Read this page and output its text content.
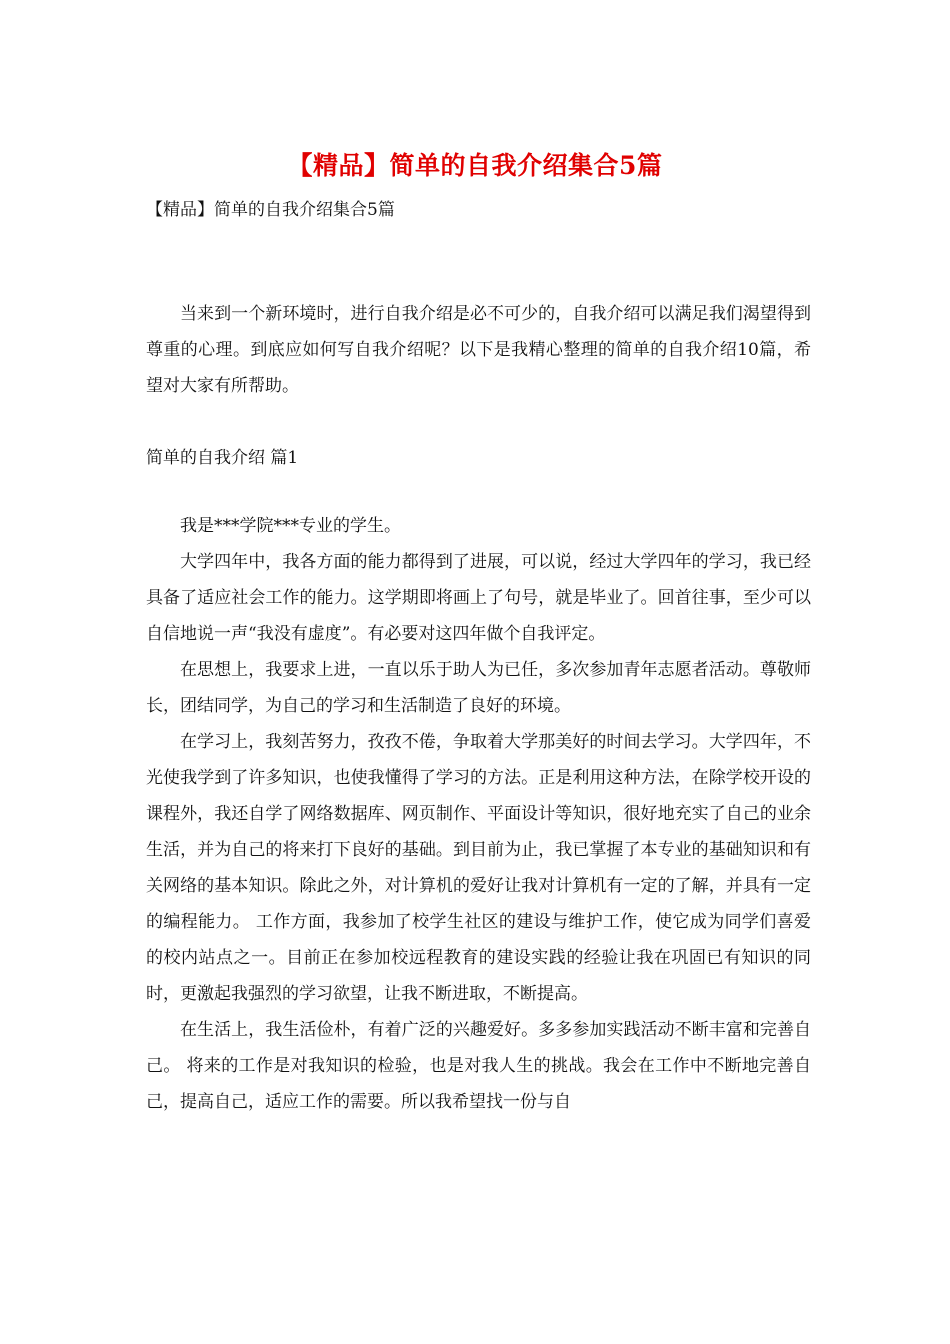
【精品】简单的自我介绍集合5篇
【精品】简单的自我介绍集合5篇

当来到一个新环境时，进行自我介绍是必不可少的，自我介绍可以满足我们渴望得到尊重的心理。到底应如何写自我介绍呢？以下是我精心整理的简单的自我介绍10篇，希望对大家有所帮助。

简单的自我介绍 篇1

我是***学院***专业的学生。

大学四年中，我各方面的能力都得到了进展，可以说，经过大学四年的学习，我已经具备了适应社会工作的能力。这学期即将画上了句号，就是毕业了。回首往事，至少可以自信地说一声“我没有虚度”。有必要对这四年做个自我评定。

在思想上，我要求上进，一直以乐于助人为已任，多次参加青年志愿者活动。尊敬师长，团结同学，为自己的学习和生活制造了良好的环境。

在学习上，我刻苦努力，孜孜不倦，争取着大学那美好的时间去学习。大学四年，不光使我学到了许多知识，也使我懂得了学习的方法。正是利用这种方法，在除学校开设的课程外，我还自学了网络数据库、网页制作、平面设计等知识，很好地充实了自己的业余生活，并为自己的将来打下良好的基础。到目前为止，我已掌握了本专业的基础知识和有关网络的基本知识。除此之外，对计算机的爱好让我对计算机有一定的了解，并具有一定的编程能力。 工作方面，我参加了校学生社区的建设与维护工作，使它成为同学们喜爱的校内站点之一。目前正在参加校远程教育的建设实践的经验让我在巩固已有知识的同时，更激起我强烈的学习欲望，让我不断进取，不断提高。

在生活上，我生活俭朴，有着广泛的兴趣爱好。多多参加实践活动不断丰富和完善自己。 将来的工作是对我知识的检验，也是对我人生的挑战。我会在工作中不断地完善自己，提高自己，适应工作的需要。所以我希望找一份与自
